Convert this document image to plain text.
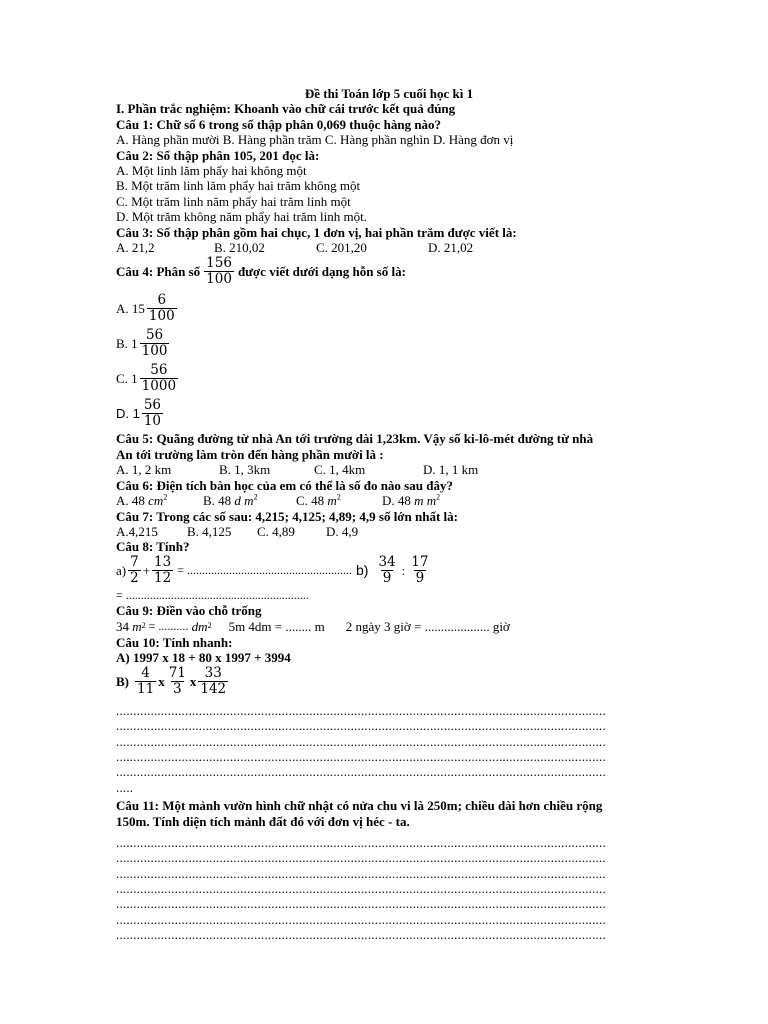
Đề thi Toán lớp 5 cuối học kì 1
I. Phần trắc nghiệm: Khoanh vào chữ cái trước kết quả đúng
Câu 1: Chữ số 6 trong số thập phân 0,069 thuộc hàng nào?
A. Hàng phần mười B. Hàng phần trăm C. Hàng phần nghìn D. Hàng đơn vị
Câu 2: Số thập phân 105, 201 đọc là:
A. Một linh lăm phẩy hai không một
B. Một trăm linh lăm phẩy hai trăm không một
C. Một trăm linh năm phẩy hai trăm linh một
D. Một trăm không năm phẩy hai trăm linh một.
Câu 3: Số thập phân gồm hai chục, 1 đơn vị, hai phần trăm được viết là:
A. 21,2	B. 210,02	C. 201,20	D. 21,02
Câu 4: Phân số $\frac{156}{100}$ được viết dưới dạng hỗn số là:
A. $15 \frac{6}{100}$
B. $1 \frac{56}{100}$
C. $1 \frac{56}{1000}$
D. $1 \frac{56}{10}$
Câu 5: Quãng đường từ nhà An tới trường dài 1,23km. Vậy số ki-lô-mét đường từ nhà
An tới trường làm tròn đến hàng phần mười là :
A. 1, 2 km	B. 1, 3km	C. 1, 4km	D. 1, 1 km
Câu 6: Điện tích bàn học của em có thể là số đo nào sau đây?
A. 48 $cm^2$	B. 48 d $m^2$	C. 48 $m^2$	D. 48 m $m^2$
Câu 7: Trong các số sau: 4,215; 4,125; 4,89; 4,9 số lớn nhất là:
A.4,215	B. 4,125	C. 4,89	D. 4,9
Câu 8: Tính?
$a) \frac{7}{2} + \frac{13}{12}$ = ....................................................... $b) \frac{34}{9}$ : $\frac{17}{9}$
= .............................................................
Câu 9: Điền vào chỗ trống
34
m 2 = ..........
dm 2 5m 4dm = ........ m 2 ngày 3 giờ = .................... giờ
Câu 10: Tính nhanh:
A) 1997 x 18 + 80 x 1997 + 3994
$B) \frac{4}{11}$ x $\frac{71}{3}$ x $\frac{33}{142}$
..............................................................................................................................................
..............................................................................................................................................
..............................................................................................................................................
..............................................................................................................................................
..............................................................................................................................................
.....
Câu 11: Một mảnh vườn hình chữ nhật có nửa chu vi là 250m; chiều dài hơn chiều rộng
150m. Tính diện tích mảnh đất đó với đơn vị héc - ta.
..............................................................................................................................................
..............................................................................................................................................
..............................................................................................................................................
..............................................................................................................................................
..............................................................................................................................................
..............................................................................................................................................
..............................................................................................................................................
